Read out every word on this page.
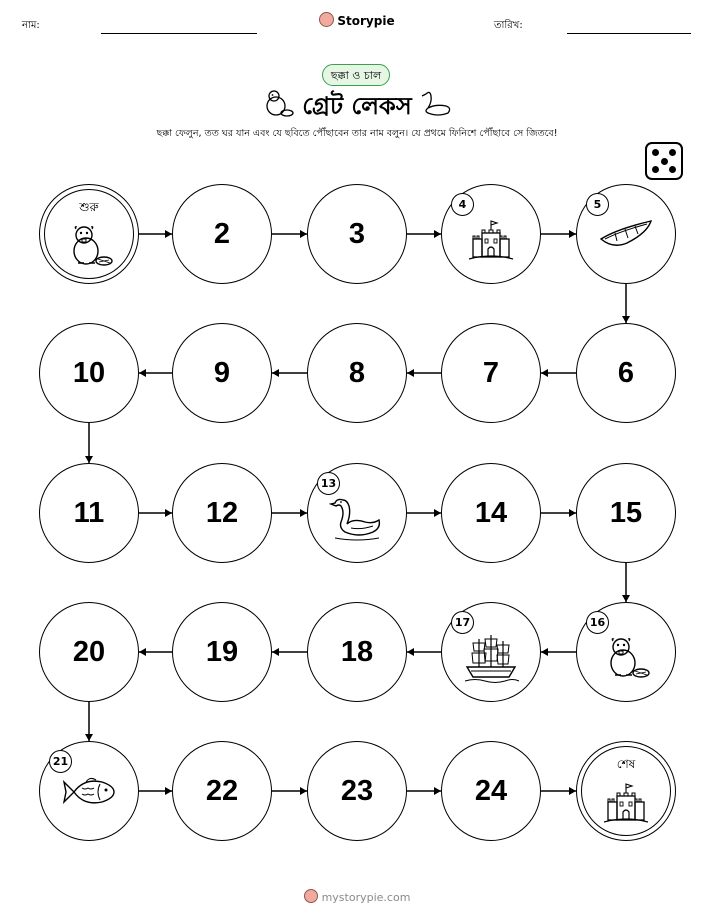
নাম:	Storypie	তারিখ:
ছক্কা ও চাল
গ্রেট লেকস
ছক্কা ফেলুন, তত ঘর যান এবং যে ছবিতে পৌঁছাবেন তার নাম বলুন। যে প্রথমে ফিনিশে পৌঁছাবে সে জিতবে!
শুরু
2	3
4	5
6
7
8
9
10
11	12
13
14	15
16
17
18
19
20
21
22	23	24
শেষ
mystorypie.com
